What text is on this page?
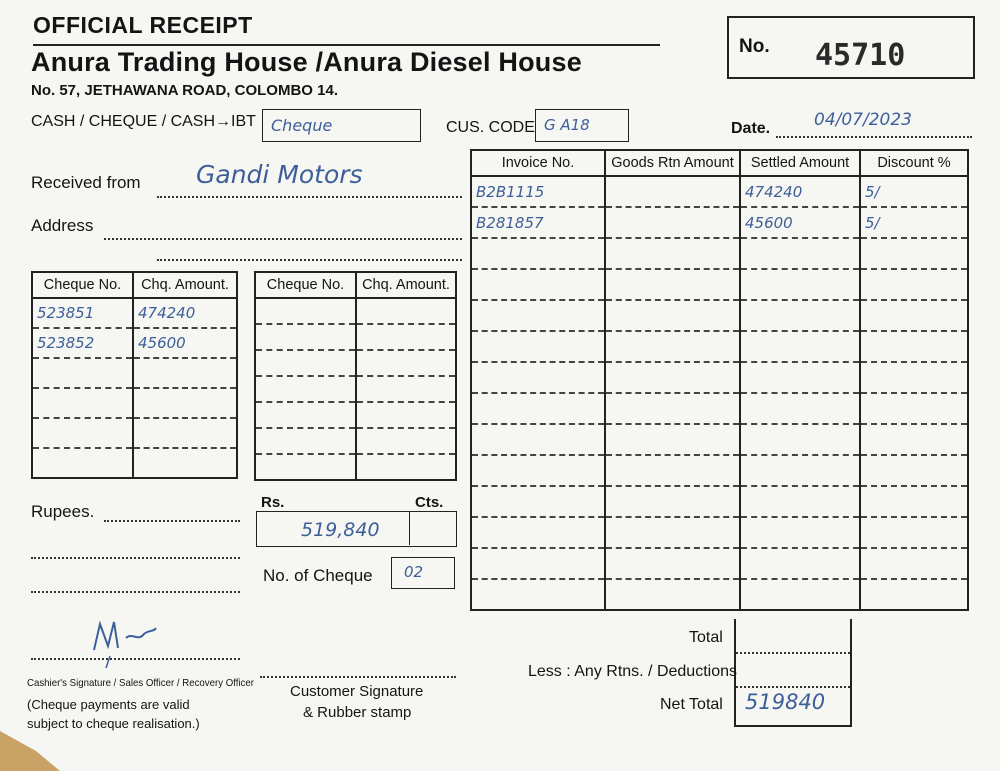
OFFICIAL RECEIPT
Anura Trading House /Anura Diesel House
No. 57, JETHAWANA ROAD, COLOMBO 14.
No. 45710
CASH / CHEQUE / CASH→IBT Cheque	CUS. CODE G A18	Date.	04/07/2023
Received from Gandi Motors
Address
Cheque No.	Chq. Amount.
523851	474240
523852	45600

Cheque No.	Chq. Amount.

Invoice No.	Goods Rtn Amount	Settled Amount	Discount %
B2B1115		474240	5/
B281857		45600	5/

Rupees.	Rs.	Cts.
519,840
No. of Cheque	02
Total
Less : Any Rtns. / Deductions
Net Total 519840
Cashier's Signature / Sales Officer / Recovery Officer
(Cheque payments are valid subject to cheque realisation.)
Customer Signature
& Rubber stamp
